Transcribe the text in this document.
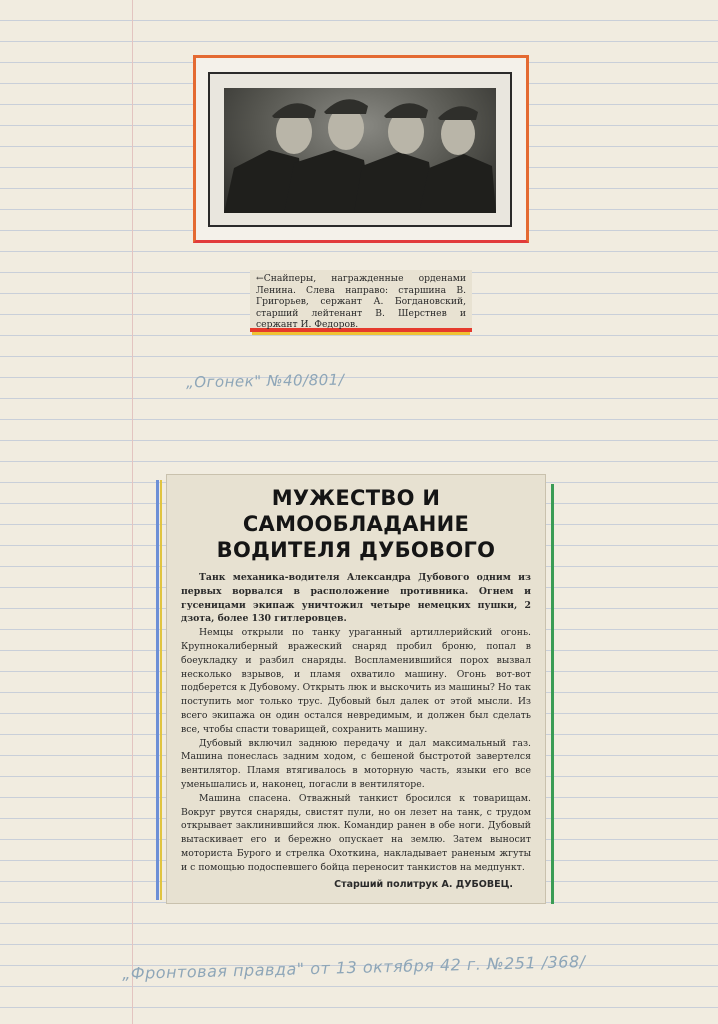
←Снайперы, награжденные орденами Ленина. Слева направо: старшина В. Григорьев, сержант А. Богдановский, старший лейтенант В. Шерстнев и сержант И. Федоров.
„Огонек" №40/801/
МУЖЕСТВО И САМООБЛАДАНИЕ ВОДИТЕЛЯ ДУБОВОГО

Танк механика-водителя Александра Дубового одним из первых ворвался в расположение противника. Огнем и гусеницами экипаж уничтожил четыре немецких пушки, 2 дзота, более 130 гитлеровцев.

Немцы открыли по танку ураганный артиллерийский огонь. Крупнокалиберный вражеский снаряд пробил броню, попал в боеукладку и разбил снаряды. Воспламенившийся порох вызвал несколько взрывов, и пламя охватило машину. Огонь вот-вот подберется к Дубовому. Открыть люк и выскочить из машины? Но так поступить мог только трус. Дубовый был далек от этой мысли. Из всего экипажа он один остался невредимым, и должен был сделать все, чтобы спасти товарищей, сохранить машину.

Дубовый включил заднюю передачу и дал максимальный газ. Машина понеслась задним ходом, с бешеной быстротой завертелся вентилятор. Пламя втягивалось в моторную часть, языки его все уменьшались и, наконец, погасли в вентиляторе.

Машина спасена. Отважный танкист бросился к товарищам. Вокруг рвутся снаряды, свистят пули, но он лезет на танк, с трудом открывает заклинившийся люк. Командир ранен в обе ноги. Дубовый вытаскивает его и бережно опускает на землю. Затем выносит моториста Бурого и стрелка Охоткина, накладывает раненым жгуты и с помощью подоспевшего бойца переносит танкистов на медпункт.

Старший политрук А. ДУБОВЕЦ.
„Фронтовая правда" от 13 октября 42 г. №251 /368/
